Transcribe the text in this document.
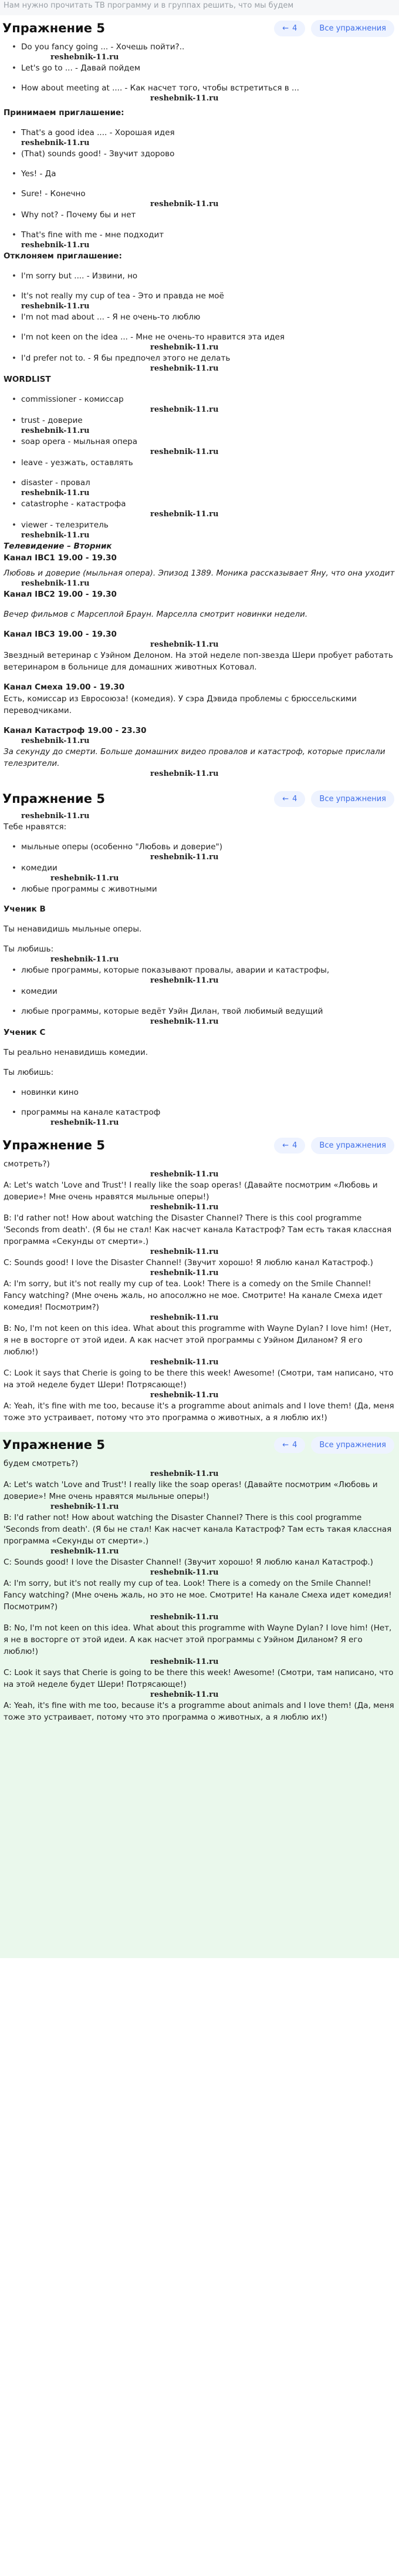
Нам нужно прочитать ТВ программу и в группах решить, что мы будем
Упражнение 5	← 4	Все упражнения
• Do you fancy going ... - Хочешь пойти?..
reshebnik-11.ru
• Let's go to ... - Давай пойдем
• How about meeting at .... - Как насчет того, чтобы встретиться в ...
reshebnik-11.ru
Принимаем приглашение:
• That's a good idea .... - Хорошая идея
reshebnik-11.ru
• (That) sounds good! - Звучит здорово
• Yes! - Да
• Sure! - Конечно
reshebnik-11.ru
• Why not? - Почему бы и нет
• That's fine with me - мне подходит
reshebnik-11.ru
Отклоняем приглашение:
• I'm sorry but .... - Извини, но
• It's not really my cup of tea - Это и правда не моё
reshebnik-11.ru
• I'm not mad about ... - Я не очень-то люблю
• I'm not keen on the idea ... - Мне не очень-то нравится эта идея
reshebnik-11.ru
• I'd prefer not to. - Я бы предпочел этого не делать
reshebnik-11.ru
WORDLIST
• commissioner - комиссар
reshebnik-11.ru
• trust - доверие
reshebnik-11.ru
• soap opera - мыльная опера
reshebnik-11.ru
• leave - уезжать, оставлять
• disaster - провал
reshebnik-11.ru
• catastrophe - катастрофа
reshebnik-11.ru
• viewer - телезритель
reshebnik-11.ru
Телевидение – Вторник
Канал IBC1 19.00 - 19.30
Любовь и доверие (мыльная опера). Эпизод 1389. Моника рассказывает Яну, что она уходит
reshebnik-11.ru
Канал IBC2 19.00 - 19.30
Вечер фильмов с Марсеплой Браун. Марселла смотрит новинки недели.
Канал IBC3 19.00 - 19.30
reshebnik-11.ru
Звездный ветеринар с Уэйном Делоном. На этой неделе поп-звезда Шери пробует работать ветеринаром в больнице для домашних животных Котовал.
Канал Смеха 19.00 - 19.30
Есть, комиссар из Евросоюза! (комедия). У сэра Дэвида проблемы с брюссельскими переводчиками.
Канал Катастроф 19.00 - 23.30
reshebnik-11.ru
За секунду до смерти. Больше домашних видео провалов и катастроф, которые прислали телезрители.
reshebnik-11.ru
Упражнение 5	← 4	Все упражнения
reshebnik-11.ru
Тебе нравятся:
• мыльные оперы (особенно "Любовь и доверие")
reshebnik-11.ru
• комедии
reshebnik-11.ru
• любые программы с животными
Ученик В
Ты ненавидишь мыльные оперы.
Ты любишь:
reshebnik-11.ru
• любые программы, которые показывают провалы, аварии и катастрофы,
reshebnik-11.ru
• комедии
• любые программы, которые ведёт Уэйн Дилан, твой любимый ведущий
reshebnik-11.ru
Ученик С
Ты реально ненавидишь комедии.
Ты любишь:
• новинки кино
• программы на канале катастроф
reshebnik-11.ru
Упражнение 5	← 4	Все упражнения
смотреть?)
reshebnik-11.ru
A: Let's watch 'Love and Trust'! I really like the soap operas! (Давайте посмотрим «Любовь и доверие»! Мне очень нравятся мыльные оперы!)
reshebnik-11.ru
B: I'd rather not! How about watching the Disaster Channel? There is this cool programme 'Seconds from death'. (Я бы не стал! Как насчет канала Катастроф? Там есть такая классная программа «Секунды от смерти».)
reshebnik-11.ru
C: Sounds good! I love the Disaster Channel! (Звучит хорошо! Я люблю канал Катастроф.)
reshebnik-11.ru
A: I'm sorry, but it's not really my cup of tea. Look! There is a comedy on the Smile Channel! Fancy watching? (Мне очень жаль, но апосолжно не мое. Смотрите! На канале Смеха идет комедия! Посмотрим?)
reshebnik-11.ru
B: No, I'm not keen on this idea. What about this programme with Wayne Dylan? I love him! (Нет, я не в восторге от этой идеи. А как насчет этой программы с Уэйном Диланом? Я его люблю!)
reshebnik-11.ru
C: Look it says that Cherie is going to be there this week! Awesome! (Смотри, там написано, что на этой неделе будет Шери! Потрясающе!)
reshebnik-11.ru
A: Yeah, it's fine with me too, because it's a programme about animals and I love them! (Да, меня тоже это устраивает, потому что это программа о животных, а я люблю их!)
Упражнение 5	← 4	Все упражнения
будем смотреть?)
reshebnik-11.ru
A: Let's watch 'Love and Trust'! I really like the soap operas! (Давайте посмотрим «Любовь и доверие»! Мне очень нравятся мыльные оперы!)
reshebnik-11.ru
B: I'd rather not! How about watching the Disaster Channel? There is this cool programme 'Seconds from death'. (Я бы не стал! Как насчет канала Катастроф? Там есть такая классная программа «Секунды от смерти».)
reshebnik-11.ru
C: Sounds good! I love the Disaster Channel! (Звучит хорошо! Я люблю канал Катастроф.)
reshebnik-11.ru
A: I'm sorry, but it's not really my cup of tea. Look! There is a comedy on the Smile Channel! Fancy watching? (Мне очень жаль, но это не мое. Смотрите! На канале Смеха идет комедия! Посмотрим?)
reshebnik-11.ru
B: No, I'm not keen on this idea. What about this programme with Wayne Dylan? I love him! (Нет, я не в восторге от этой идеи. А как насчет этой программы с Уэйном Диланом? Я его люблю!)
reshebnik-11.ru
C: Look it says that Cherie is going to be there this week! Awesome! (Смотри, там написано, что на этой неделе будет Шери! Потрясающе!)
reshebnik-11.ru
A: Yeah, it's fine with me too, because it's a programme about animals and I love them! (Да, меня тоже это устраивает, потому что это программа о животных, а я люблю их!)
